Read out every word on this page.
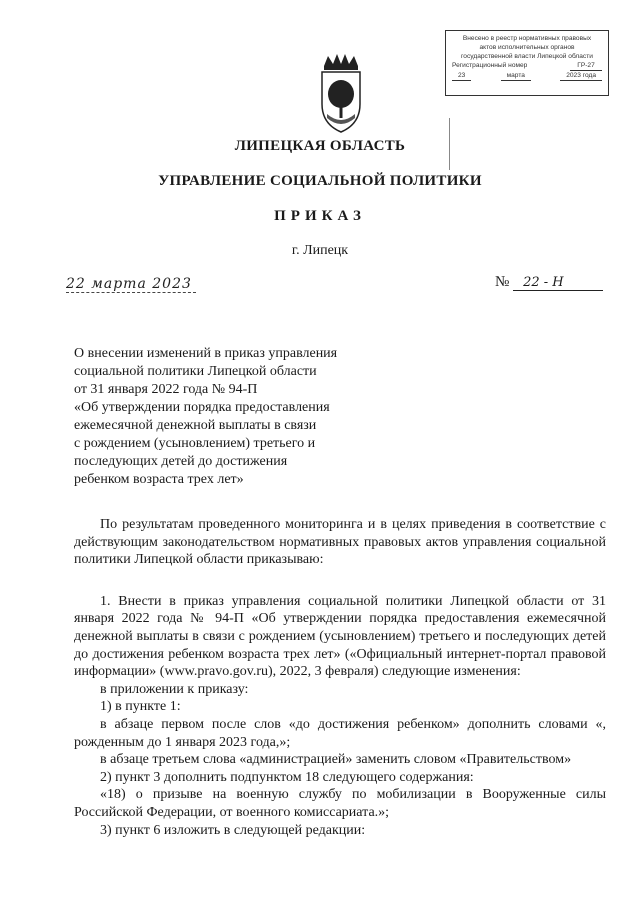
Внесено в реестр нормативных правовых
актов исполнительных органов
государственной власти Липецкой области
Регистрационный номер	ГР-27
23	марта	2023 года
ЛИПЕЦКАЯ ОБЛАСТЬ
УПРАВЛЕНИЕ СОЦИАЛЬНОЙ ПОЛИТИКИ
ПРИКАЗ
г. Липецк
22 марта 2023	№ 22 - Н
О внесении изменений в приказ управления
социальной политики Липецкой области
от 31 января 2022 года № 94-П
«Об утверждении порядка предоставления
ежемесячной денежной выплаты в связи
с рождением (усыновлением) третьего и
последующих детей до достижения
ребенком возраста трех лет»

По результатам проведенного мониторинга и в целях приведения в соответствие с действующим законодательством нормативных правовых актов управления социальной политики Липецкой области приказываю:

1. Внести в приказ управления социальной политики Липецкой области от 31 января 2022 года № 94-П «Об утверждении порядка предоставления ежемесячной денежной выплаты в связи с рождением (усыновлением) третьего и последующих детей до достижения ребенком возраста трех лет» («Официальный интернет-портал правовой информации» (www.pravo.gov.ru), 2022, 3 февраля) следующие изменения:

в приложении к приказу:
1) в пункте 1:

в абзаце первом после слов «до достижения ребенком» дополнить словами «, рожденным до 1 января 2023 года,»;

в абзаце третьем слова «администрацией» заменить словом «Правительством»
2) пункт 3 дополнить подпунктом 18 следующего содержания:

«18) о призыве на военную службу по мобилизации в Вооруженные силы Российской Федерации, от военного комиссариата.»;

3) пункт 6 изложить в следующей редакции:
